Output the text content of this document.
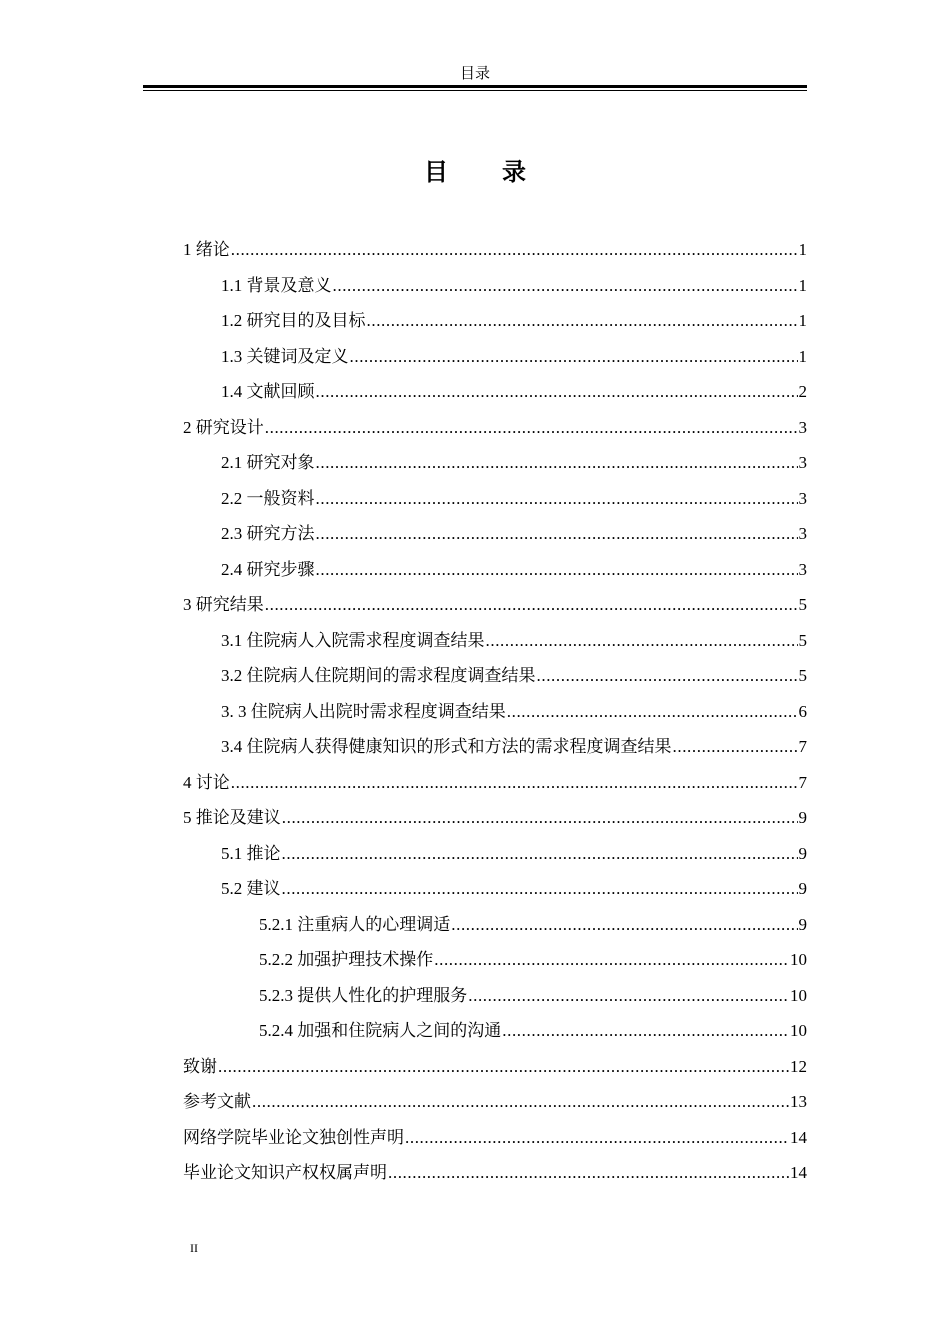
目录
目 录
1 绪论 .....	1
1.1 背景及意义 .....	1
1.2 研究目的及目标 .....	1
1.3 关键词及定义 .....	1
1.4 文献回顾 .....	2
2 研究设计 .....	3
2.1 研究对象 .....	3
2.2 一般资料 .....	3
2.3 研究方法 .....	3
2.4 研究步骤 .....	3
3 研究结果 .....	5
3.1 住院病人入院需求程度调查结果 .....	5
3.2 住院病人住院期间的需求程度调查结果 .....	5
3. 3 住院病人出院时需求程度调查结果 .....	6
3.4 住院病人获得健康知识的形式和方法的需求程度调查结果 .....	7
4 讨论 .....	7
5 推论及建议 .....	9
5.1 推论 .....	9
5.2 建议 .....	9
5.2.1 注重病人的心理调适 .....	9
5.2.2 加强护理技术操作 .....	10
5.2.3 提供人性化的护理服务 .....	10
5.2.4 加强和住院病人之间的沟通 .....	10
致谢 .....	12
参考文献 .....	13
网络学院毕业论文独创性声明 .....	14
毕业论文知识产权权属声明 .....	14
II
